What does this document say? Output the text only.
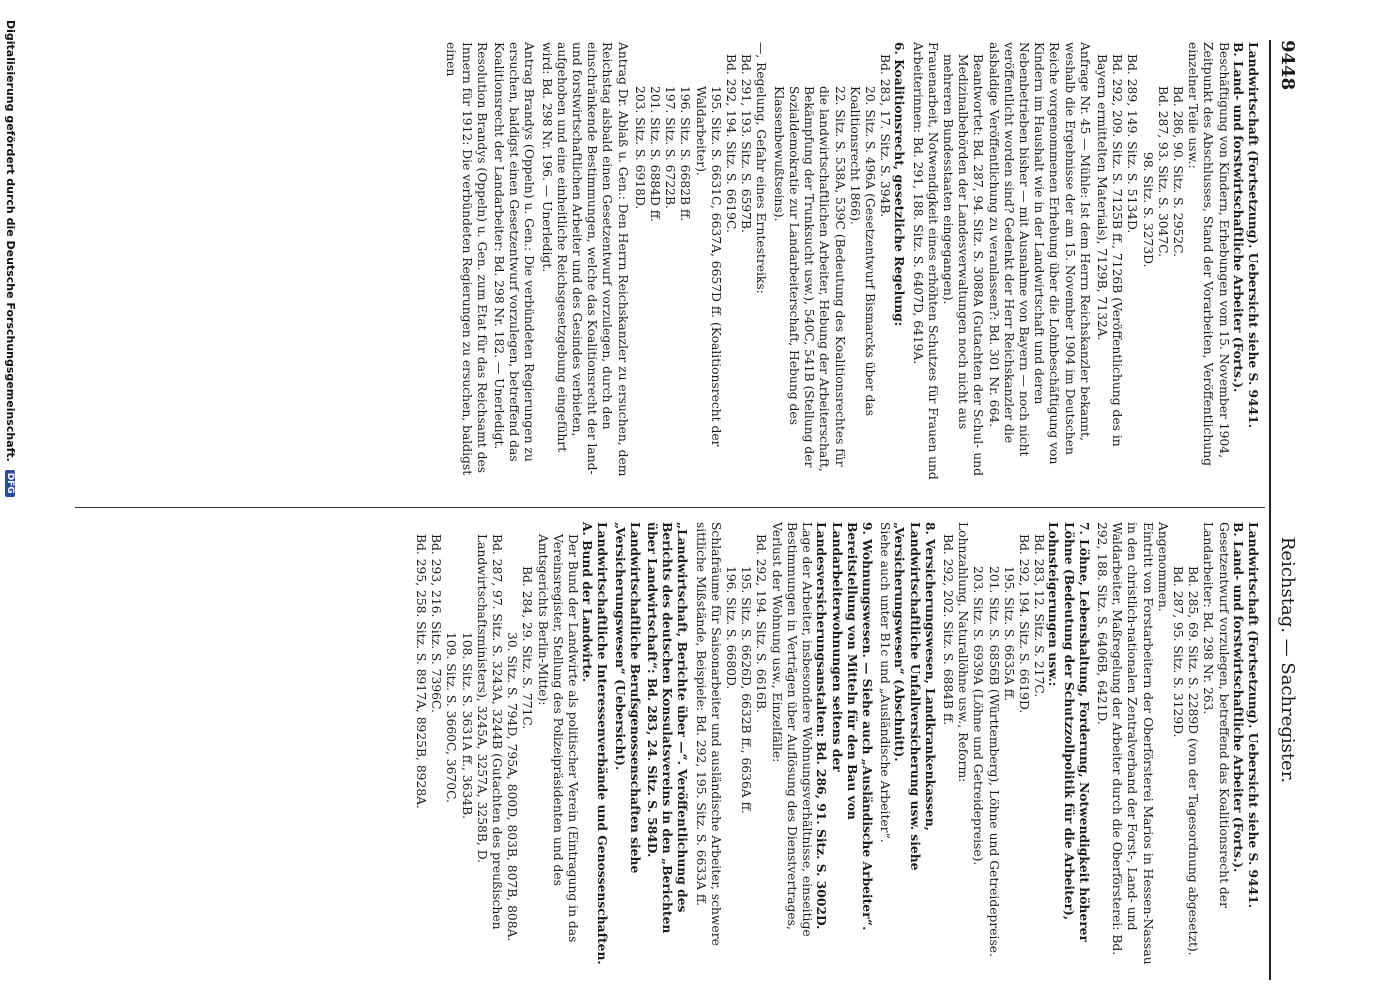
9448
Reichstag. — Sachregister.

Landwirtschaft (Fortsetzung). Uebersicht siehe S. 9441.

B. Land- und forstwirtschaftliche Arbeiter (Forts.).

Beschäftigung von Kindern, Erhebungen vom 15. November 1904, Zeitpunkt des Abschlusses, Stand der Vorarbeiten, Veröffentlichung einzelner Teile usw.:

Bd. 286, 90. Sitz. S. 2952C.

Bd. 287, 93. Sitz. S. 3047C.

98. Sitz. S. 3273D.

Bd. 289, 149. Sitz. S. 5134D.

Bd. 292, 209. Sitz. S. 7125B ff., 7126B (Veröffentlichung des in Bayern ermittelten Materials), 7129B, 7132A.

Anfrage Nr. 45 — Mühle: Ist dem Herrn Reichskanzler bekannt, weshalb die Ergebnisse der am 15. November 1904 im Deutschen Reiche vorgenommenen Erhebung über die Lohnbeschäftigung von Kindern im Haushalt wie in der Landwirtschaft und deren Nebenbetrieben bisher — mit Ausnahme von Bayern — noch nicht veröffentlicht worden sind? Gedenkt der Herr Reichskanzler die alsbaldige Veröffentlichung zu veranlassen?: Bd. 301 Nr. 664.

Beantwortet: Bd. 287, 94. Sitz. S. 3088A (Gutachten der Schul- und Medizinalbehörden der Landesverwaltungen noch nicht aus mehreren Bundesstaaten eingegangen).

Frauenarbeit, Notwendigkeit eines erhöhten Schutzes für Frauen und Arbeiterinnen: Bd. 291, 188. Sitz. S. 6407D, 6419A.

6. Koalitionsrecht, gesetzliche Regelung:

Bd. 283, 17. Sitz. S. 394B.

20. Sitz. S. 496A (Gesetzentwurf Bismarcks über das Koalitionsrecht 1866).

22. Sitz. S. 538A, 539C (Bedeutung des Koalitionsrechtes für die landwirtschaftlichen Arbeiter, Hebung der Arbeiterschaft, Bekämpfung der Trunksucht usw.), 540C, 541B (Stellung der Sozialdemokratie zur Landarbeiterschaft, Hebung des Klassenbewußtseins).

—, Regelung, Gefahr eines Erntestreiks:

Bd. 291, 193. Sitz. S. 6597B.

Bd. 292, 194. Sitz. S. 6619C.

195. Sitz. S. 6631C, 6637A, 6657D ff. (Koalitionsrecht der Waldarbeiter).

196. Sitz. S. 6682B ff.

197. Sitz. S. 6722B.

201. Sitz. S. 6884D ff.

203. Sitz. S. 6918D.

Antrag Dr. Ablaß u. Gen.: Den Herrn Reichskanzler zu ersuchen, dem Reichstag alsbald einen Gesetzentwurf vorzulegen, durch den einschränkende Bestimmungen, welche das Koalitionsrecht der land- und forstwirtschaftlichen Arbeiter und des Gesindes verbieten, aufgehoben und eine einheitliche Reichsgesetzgebung eingeführt wird: Bd. 298 Nr. 196. — Unerledigt.

Antrag Brandys (Oppeln) u. Gen.: Die verbündeten Regierungen zu ersuchen, baldigst einen Gesetzentwurf vorzulegen, betreffend das Koalitionsrecht der Landarbeiter: Bd. 298 Nr. 182. — Unerledigt.

Resolution Brandys (Oppeln) u. Gen. zum Etat für das Reichsamt des Innern für 1912: Die verbündeten Regierungen zu ersuchen, baldigst einen

Landwirtschaft (Fortsetzung). Uebersicht siehe S. 9441.

B. Land- und forstwirtschaftliche Arbeiter (Forts.).

Gesetzentwurf vorzulegen, betreffend das Koalitionsrecht der Landarbeiter: Bd. 298 Nr. 263.

Bd. 285, 69. Sitz. S. 2289D (von der Tagesordnung abgesetzt).

Bd. 287, 95. Sitz. S. 3129D.

Angenommen.

Eintritt von Forstarbeitern der Oberförsterei Marios in Hessen-Nassau in den christlich-nationalen Zentralverband der Forst-, Land- und Waldarbeiter, Maßregelung der Arbeiter durch die Oberförsterei: Bd. 292, 188. Sitz. S. 6406B, 6421D.

7. Löhne, Lebenshaltung, Forderung, Notwendigkeit höherer Löhne (Bedeutung der Schutzzollpolitik für die Arbeiter), Lohnsteigerungen usw.:

Bd. 283, 12. Sitz. S. 217C.

Bd. 292, 194. Sitz. S. 6619D.

195. Sitz. S. 6635A ff.

201. Sitz. S. 6856B (Württemberg), Löhne und Getreidepreise.

203. Sitz. S. 6939A (Löhne und Getreidepreise).

Lohnzahlung, Naturallöhne usw., Reform:

Bd. 292, 202. Sitz. S. 6884B ff.

8. Versicherungswesen, Landkrankenkassen, Landwirtschaftliche Unfallversicherung usw. siehe „Versicherungswesen“ (Abschnitt).

Siehe auch unter B1c und „Ausländische Arbeiter“.

9. Wohnungswesen. — Siehe auch „Ausländische Arbeiter“. Bereitstellung von Mitteln für den Bau von Landarbeiterwohnungen seitens der Landesversicherungsanstalten: Bd. 286, 91. Sitz. S. 3002D.

Lage der Arbeiter, insbesondere Wohnungsverhältnisse, einseitige Bestimmungen in Verträgen über Auflösung des Dienstvertrages, Verlust der Wohnung usw., Einzelfälle:

Bd. 292, 194. Sitz. S. 6616B.

195. Sitz. S. 6626D, 6632B ff., 6636A ff.

196. Sitz. S. 6680D.

Schlafräume für Saisonarbeiter und ausländische Arbeiter, schwere sittliche Mißstände, Beispiele: Bd. 292, 195. Sitz. S. 6633A ff.

„Landwirtschaft, Berichte über —“. Veröffentlichung des Berichts des deutschen Konsulatsvereins in den „Berichten über Landwirtschaft“: Bd. 283, 24. Sitz. S. 584D.

Landwirtschaftliche Berufsgenossenschaften siehe „Versicherungswesen“ (Uebersicht).

Landwirtschaftliche Interessenverbände und Genossenschaften.

A. Bund der Landwirte.

Der Bund der Landwirte als politischer Verein (Eintragung in das Vereinsregister, Stellung des Polizeipräsidenten und des Amtsgerichts Berlin-Mitte):

Bd. 284, 29. Sitz. S. 771C.

30. Sitz. S. 794D, 795A, 800D, 803B, 807B, 808A.

Bd. 287, 97. Sitz. S. 3243A, 3244B (Gutachten des preußischen Landwirtschaftsministers), 3245A, 3257A, 3258B, D.

108. Sitz. S. 3631A ff., 3634B.

109. Sitz. S. 3660C, 3670C.

Bd. 293, 216. Sitz. S. 7396C.

Bd. 295, 258. Sitz. S. 8917A, 8925B, 8928A.

Digitalisierung gefördert durch die Deutsche Forschungsgemeinschaft. DFG
